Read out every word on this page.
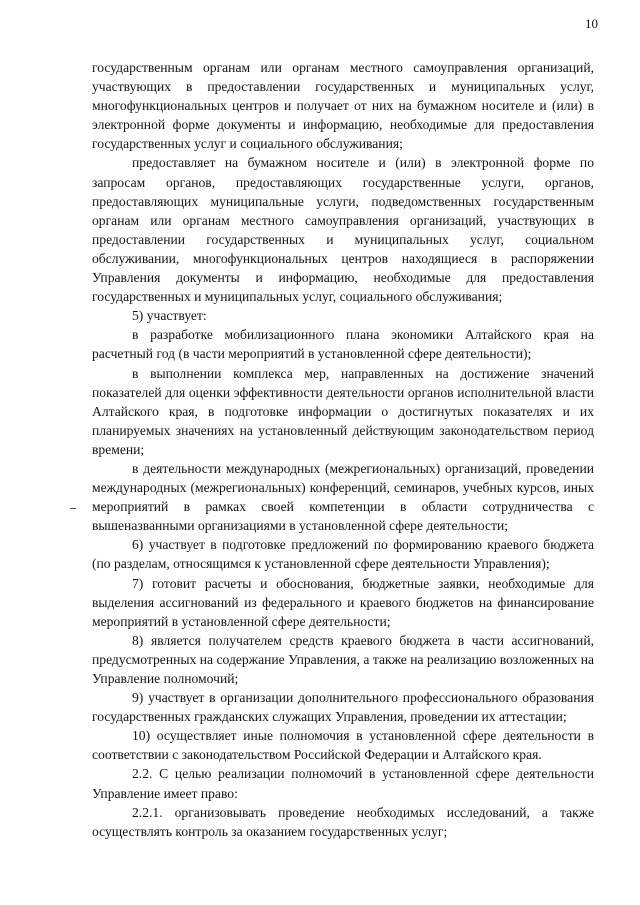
10

государственным органам или органам местного самоуправления организаций, участвующих в предоставлении государственных и муниципальных услуг, многофункциональных центров и получает от них на бумажном носителе и (или) в электронной форме документы и информацию, необходимые для предоставления государственных услуг и социального обслуживания;

предоставляет на бумажном носителе и (или) в электронной форме по запросам органов, предоставляющих государственные услуги, органов, предоставляющих муниципальные услуги, подведомственных государственным органам или органам местного самоуправления организаций, участвующих в предоставлении государственных и муниципальных услуг, социальном обслуживании, многофункциональных центров находящиеся в распоряжении Управления документы и информацию, необходимые для предоставления государственных и муниципальных услуг, социального обслуживания;

5) участвует:

в разработке мобилизационного плана экономики Алтайского края на расчетный год (в части мероприятий в установленной сфере деятельности);

в выполнении комплекса мер, направленных на достижение значений показателей для оценки эффективности деятельности органов исполнительной власти Алтайского края, в подготовке информации о достигнутых показателях и их планируемых значениях на установленный действующим законодательством период времени;

в деятельности международных (межрегиональных) организаций, проведении международных (межрегиональных) конференций, семинаров, учебных курсов, иных мероприятий в рамках своей компетенции в области сотрудничества с вышеназванными организациями в установленной сфере деятельности;

6) участвует в подготовке предложений по формированию краевого бюджета (по разделам, относящимся к установленной сфере деятельности Управления);

7) готовит расчеты и обоснования, бюджетные заявки, необходимые для выделения ассигнований из федерального и краевого бюджетов на финансирование мероприятий в установленной сфере деятельности;

8) является получателем средств краевого бюджета в части ассигнований, предусмотренных на содержание Управления, а также на реализацию возложенных на Управление полномочий;

9) участвует в организации дополнительного профессионального образования государственных гражданских служащих Управления, проведении их аттестации;

10) осуществляет иные полномочия в установленной сфере деятельности в соответствии с законодательством Российской Федерации и Алтайского края.

2.2. С целью реализации полномочий в установленной сфере деятельности Управление имеет право:

2.2.1. организовывать проведение необходимых исследований, а также осуществлять контроль за оказанием государственных услуг;
